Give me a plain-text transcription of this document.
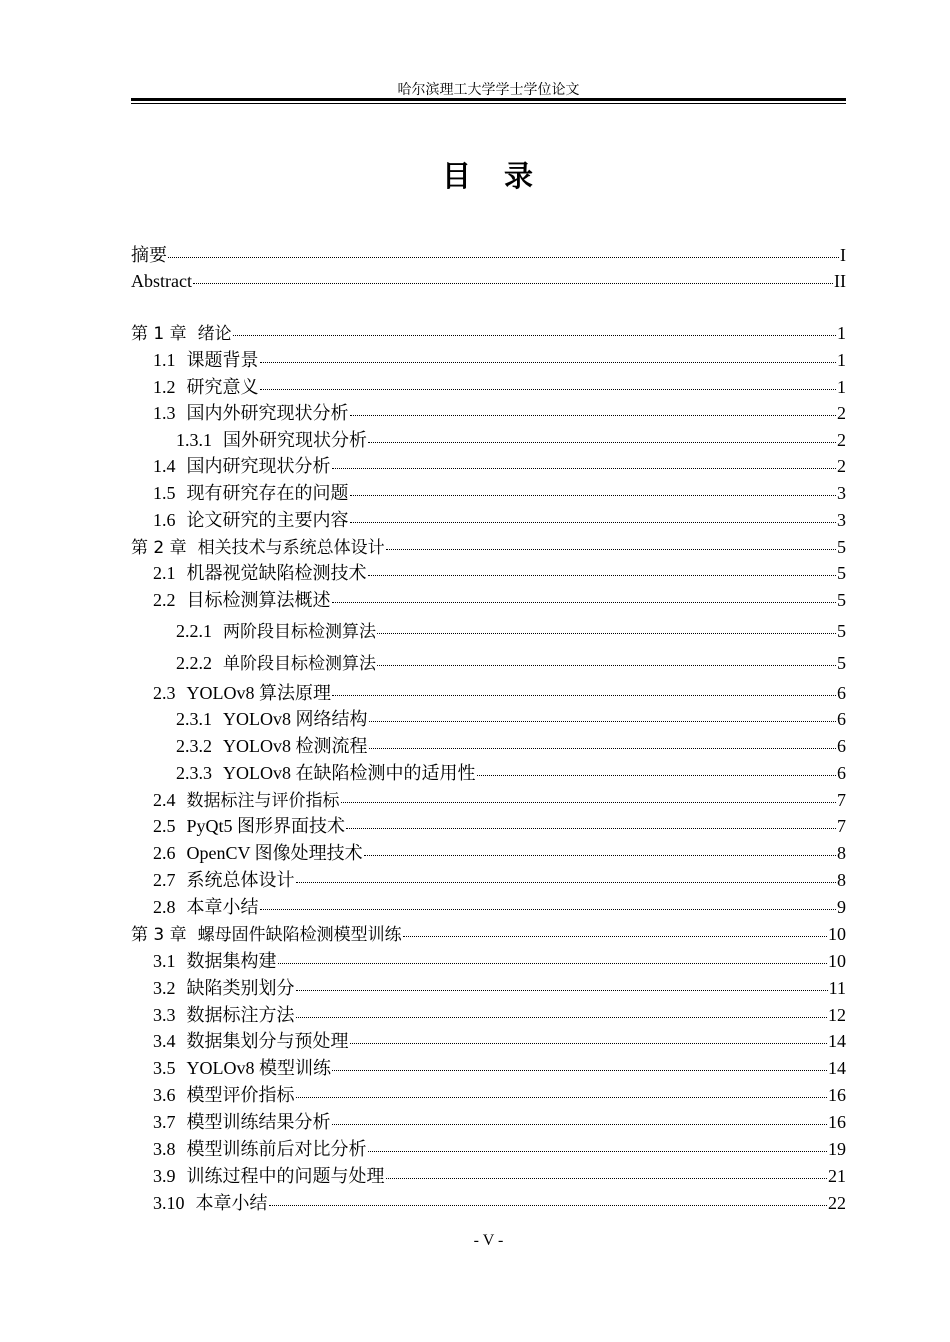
哈尔滨理工大学学士学位论文
目　录
摘要	I
Abstract	II
第 1 章 绪论	1
1.1 课题背景	1
1.2 研究意义	1
1.3 国内外研究现状分析	2
1.3.1 国外研究现状分析	2
1.4 国内研究现状分析	2
1.5 现有研究存在的问题	3
1.6 论文研究的主要内容	3
第 2 章 相关技术与系统总体设计	5
2.1 机器视觉缺陷检测技术	5
2.2 目标检测算法概述	5
2.2.1 两阶段目标检测算法	5
2.2.2 单阶段目标检测算法	5
2.3 YOLOv8 算法原理	6
2.3.1 YOLOv8 网络结构	6
2.3.2 YOLOv8 检测流程	6
2.3.3 YOLOv8 在缺陷检测中的适用性	6
2.4 数据标注与评价指标	7
2.5 PyQt5 图形界面技术	7
2.6 OpenCV 图像处理技术	8
2.7 系统总体设计	8
2.8 本章小结	9
第 3 章 螺母固件缺陷检测模型训练	10
3.1 数据集构建	10
3.2 缺陷类别划分	11
3.3 数据标注方法	12
3.4 数据集划分与预处理	14
3.5 YOLOv8 模型训练	14
3.6 模型评价指标	16
3.7 模型训练结果分析	16
3.8 模型训练前后对比分析	19
3.9 训练过程中的问题与处理	21
3.10 本章小结	22
- V -
